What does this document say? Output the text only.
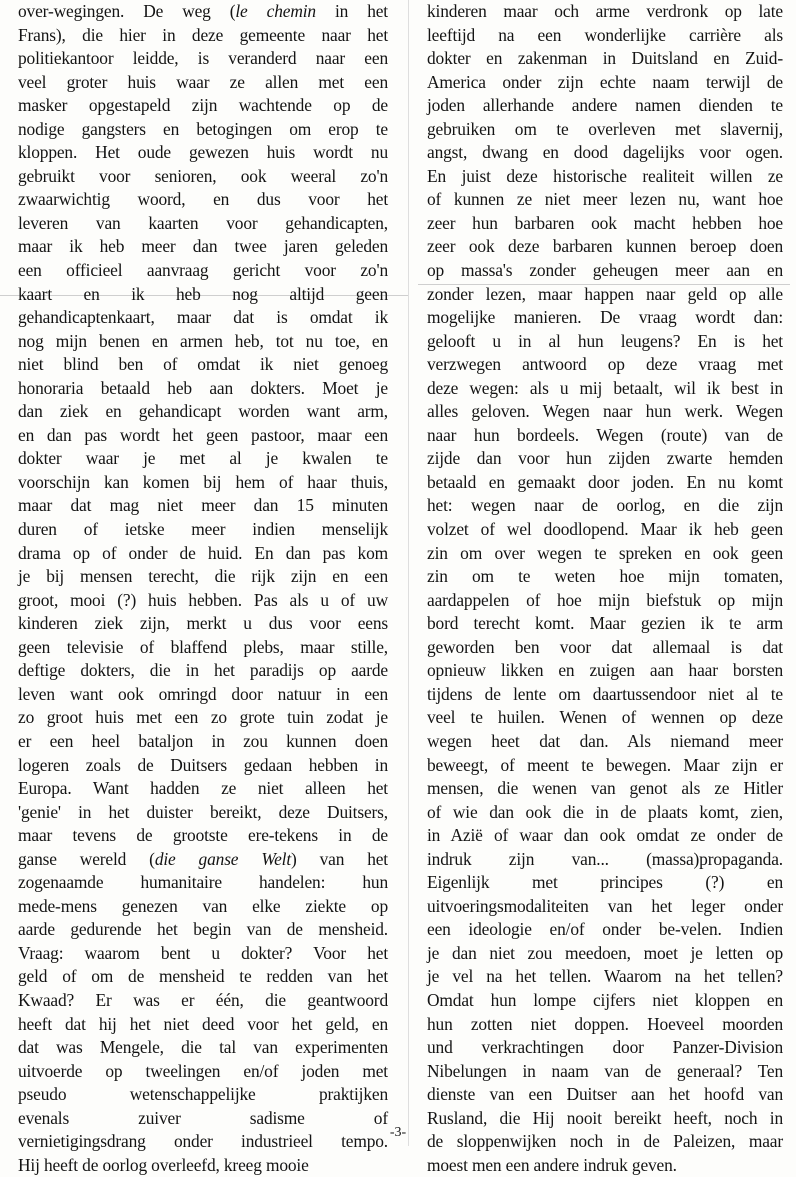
over-wegingen. De weg (le chemin in het
Frans), die hier in deze gemeente naar het
politiekantoor leidde, is veranderd naar een
veel groter huis waar ze allen met een
masker opgestapeld zijn wachtende op de
nodige gangsters en betogingen om erop te
kloppen. Het oude gewezen huis wordt nu
gebruikt voor senioren, ook weeral zo'n
zwaarwichtig woord, en dus voor het
leveren van kaarten voor gehandicapten,
maar ik heb meer dan twee jaren geleden
een officieel aanvraag gericht voor zo'n
kaart en ik heb nog altijd geen
gehandicaptenkaart, maar dat is omdat ik
nog mijn benen en armen heb, tot nu toe, en
niet blind ben of omdat ik niet genoeg
honoraria betaald heb aan dokters. Moet je
dan ziek en gehandicapt worden want arm,
en dan pas wordt het geen pastoor, maar een
dokter waar je met al je kwalen te
voorschijn kan komen bij hem of haar thuis,
maar dat mag niet meer dan 15 minuten
duren of ietske meer indien menselijk
drama op of onder de huid. En dan pas kom
je bij mensen terecht, die rijk zijn en een
groot, mooi (?) huis hebben. Pas als u of uw
kinderen ziek zijn, merkt u dus voor eens
geen televisie of blaffend plebs, maar stille,
deftige dokters, die in het paradijs op aarde
leven want ook omringd door natuur in een
zo groot huis met een zo grote tuin zodat je
er een heel bataljon in zou kunnen doen
logeren zoals de Duitsers gedaan hebben in
Europa. Want hadden ze niet alleen het
'genie' in het duister bereikt, deze Duitsers,
maar tevens de grootste ere-tekens in de
ganse wereld (die ganse Welt) van het
zogenaamde humanitaire handelen: hun
mede-mens genezen van elke ziekte op
aarde gedurende het begin van de mensheid.
Vraag: waarom bent u dokter? Voor het
geld of om de mensheid te redden van het
Kwaad? Er was er één, die geantwoord
heeft dat hij het niet deed voor het geld, en
dat was Mengele, die tal van experimenten
uitvoerde op tweelingen en/of joden met
pseudo wetenschappelijke praktijken
evenals zuiver sadisme of
vernietigingsdrang onder industrieel tempo.
Hij heeft de oorlog overleefd, kreeg mooie
kinderen maar och arme verdronk op late
leeftijd na een wonderlijke carrière als
dokter en zakenman in Duitsland en Zuid-
America onder zijn echte naam terwijl de
joden allerhande andere namen dienden te
gebruiken om te overleven met slavernij,
angst, dwang en dood dagelijks voor ogen.
En juist deze historische realiteit willen ze
of kunnen ze niet meer lezen nu, want hoe
zeer hun barbaren ook macht hebben hoe
zeer ook deze barbaren kunnen beroep doen
op massa's zonder geheugen meer aan en
zonder lezen, maar happen naar geld op alle
mogelijke manieren. De vraag wordt dan:
gelooft u in al hun leugens? En is het
verzwegen antwoord op deze vraag met
deze wegen: als u mij betaalt, wil ik best in
alles geloven. Wegen naar hun werk. Wegen
naar hun bordeels. Wegen (route) van de
zijde dan voor hun zijden zwarte hemden
betaald en gemaakt door joden. En nu komt
het: wegen naar de oorlog, en die zijn
volzet of wel doodlopend. Maar ik heb geen
zin om over wegen te spreken en ook geen
zin om te weten hoe mijn tomaten,
aardappelen of hoe mijn biefstuk op mijn
bord terecht komt. Maar gezien ik te arm
geworden ben voor dat allemaal is dat
opnieuw likken en zuigen aan haar borsten
tijdens de lente om daartussendoor niet al te
veel te huilen. Wenen of wennen op deze
wegen heet dat dan. Als niemand meer
beweegt, of meent te bewegen. Maar zijn er
mensen, die wenen van genot als ze Hitler
of wie dan ook die in de plaats komt, zien,
in Azië of waar dan ook omdat ze onder de
indruk zijn van... (massa)propaganda.
Eigenlijk met principes (?) en
uitvoeringsmodaliteiten van het leger onder
een ideologie en/of onder be-velen. Indien
je dan niet zou meedoen, moet je letten op
je vel na het tellen. Waarom na het tellen?
Omdat hun lompe cijfers niet kloppen en
hun zotten niet doppen. Hoeveel moorden
und verkrachtingen door Panzer-Division
Nibelungen in naam van de generaal? Ten
dienste van een Duitser aan het hoofd van
Rusland, die Hij nooit bereikt heeft, noch in
de sloppenwijken noch in de Paleizen, maar
moest men een andere indruk geven.
-3-
